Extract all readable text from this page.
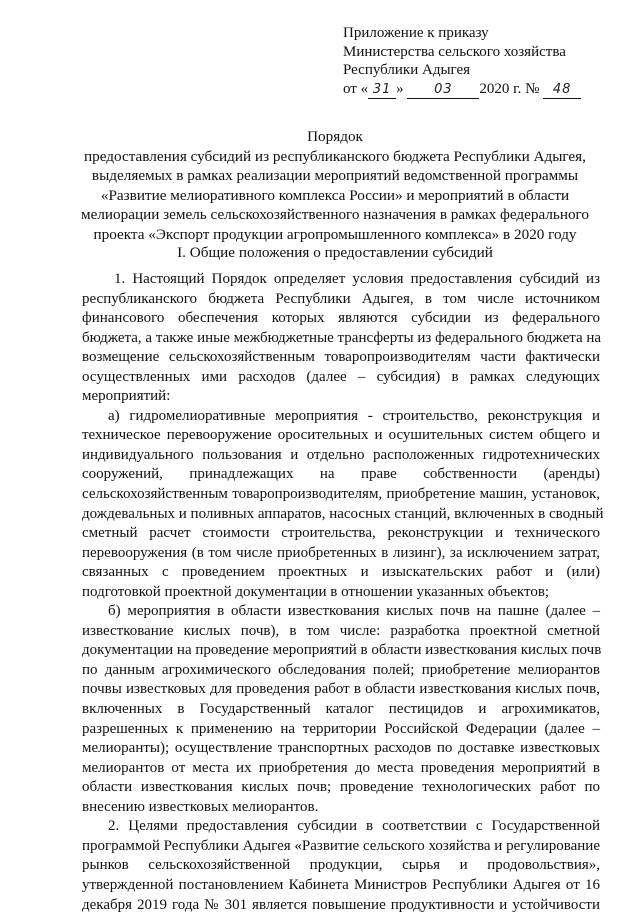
Приложение к приказу
Министерства сельского хозяйства
Республики Адыгея
от « 31 » 03 2020 г. № 48
Порядок
предоставления субсидий из республиканского бюджета Республики Адыгея,
выделяемых в рамках реализации мероприятий ведомственной программы
«Развитие мелиоративного комплекса России» и мероприятий в области
мелиорации земель сельскохозяйственного назначения в рамках федерального
проекта «Экспорт продукции агропромышленного комплекса» в 2020 году
I. Общие положения о предоставлении субсидий
1. Настоящий Порядок определяет условия предоставления субсидий из
республиканского бюджета Республики Адыгея, в том числе источником
финансового обеспечения которых являются субсидии из федерального
бюджета, а также иные межбюджетные трансферты из федерального бюджета на
возмещение сельскохозяйственным товаропроизводителям части фактически
осуществленных ими расходов (далее – субсидия) в рамках следующих
мероприятий:
а) гидромелиоративные мероприятия - строительство, реконструкция и
техническое перевооружение оросительных и осушительных систем общего и
индивидуального пользования и отдельно расположенных гидротехнических
сооружений, принадлежащих на праве собственности (аренды)
сельскохозяйственным товаропроизводителям, приобретение машин, установок,
дождевальных и поливных аппаратов, насосных станций, включенных в сводный
сметный расчет стоимости строительства, реконструкции и технического
перевооружения (в том числе приобретенных в лизинг), за исключением затрат,
связанных с проведением проектных и изыскательских работ и (или)
подготовкой проектной документации в отношении указанных объектов;
б) мероприятия в области известкования кислых почв на пашне (далее –
известкование кислых почв), в том числе: разработка проектной сметной
документации на проведение мероприятий в области известкования кислых почв
по данным агрохимического обследования полей; приобретение мелиорантов
почвы известковых для проведения работ в области известкования кислых почв,
включенных в Государственный каталог пестицидов и агрохимикатов,
разрешенных к применению на территории Российской Федерации (далее –
мелиоранты); осуществление транспортных расходов по доставке известковых
мелиорантов от места их приобретения до места проведения мероприятий в
области известкования кислых почв; проведение технологических работ по
внесению известковых мелиорантов.
2. Целями предоставления субсидии в соответствии с Государственной
программой Республики Адыгея «Развитие сельского хозяйства и регулирование
рынков сельскохозяйственной продукции, сырья и продовольствия»,
утвержденной постановлением Кабинета Министров Республики Адыгея от 16
декабря 2019 года № 301 является повышение продуктивности и устойчивости
